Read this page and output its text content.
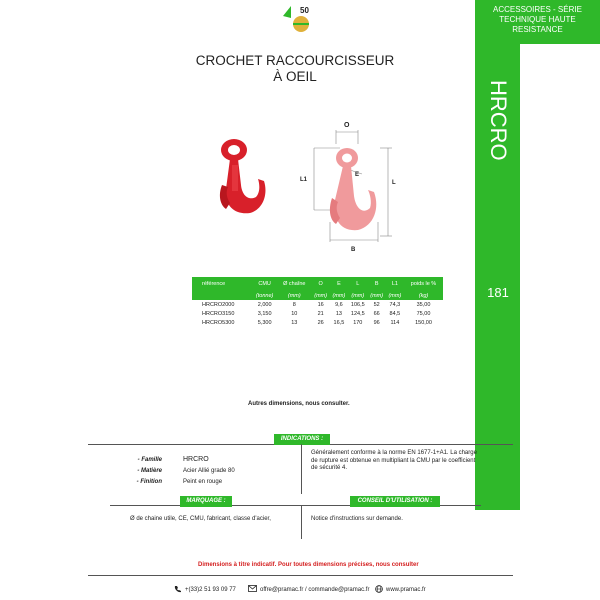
50	ACCESSOIRES - SÉRIE TECHNIQUE HAUTE RESISTANCE
HRCRO
181
CROCHET RACCOURCISSEUR
À OEIL
O
E
L1	L
B
référence	CMU	Ø chaîne	O	E	L	B	L1	poids le %
	(tonne)	(mm)	(mm)	(mm)	(mm)	(mm)	(mm)	(kg)
HRCRO2000	2,000	8	16	9,6	106,5	52	74,3	35,00
HRCRO3150	3,150	10	21	13	124,5	66	84,5	75,00
HRCRO5300	5,300	13	26	16,5	170	96	114	150,00
Autres dimensions, nous consulter.
INDICATIONS :
- Famille	HRCRO
- Matière	Acier Allié grade 80
- Finition	Peint en rouge
Généralement conforme à la norme EN 1677-1+A1. La charge de rupture est obtenue en multipliant la CMU par le coefficient de sécurité 4.
MARQUAGE :	CONSEIL D'UTILISATION :
Ø de chaine utile, CE, CMU, fabricant, classe d'acier,	Notice d'instructions sur demande.
Dimensions à titre indicatif. Pour toutes dimensions précises, nous consulter
+(33)2 51 93 09 77	offre@pramac.fr / commande@pramac.fr	www.pramac.fr
